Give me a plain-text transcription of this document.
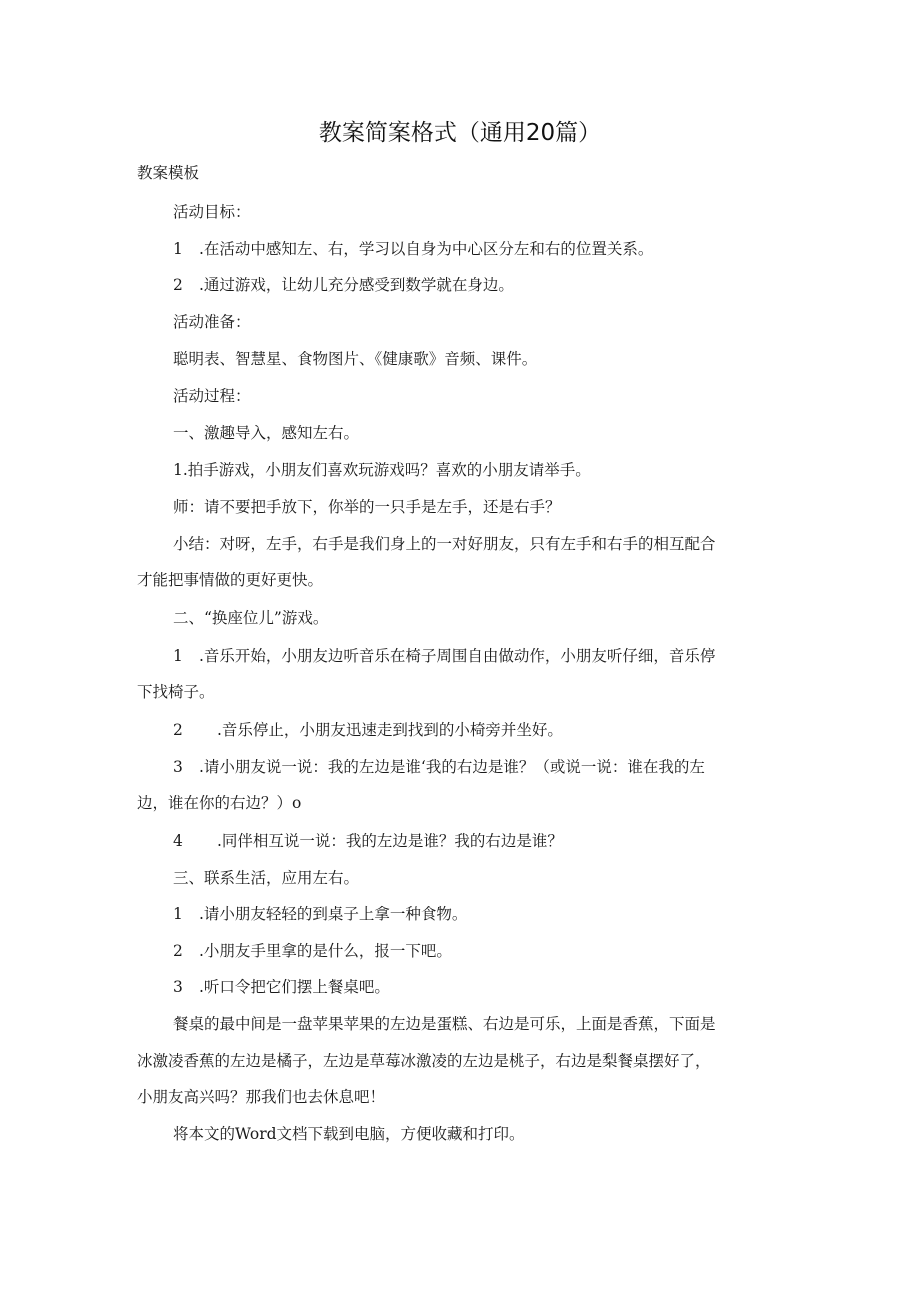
教案简案格式（通用20篇）
教案模板
活动目标：
1 .在活动中感知左、右，学习以自身为中心区分左和右的位置关系。
2 .通过游戏，让幼儿充分感受到数学就在身边。
活动准备：
聪明表、智慧星、食物图片、《健康歌》音频、课件。
活动过程：
一、激趣导入，感知左右。
1.拍手游戏，小朋友们喜欢玩游戏吗？喜欢的小朋友请举手。
师：请不要把手放下，你举的一只手是左手，还是右手？
小结：对呀，左手，右手是我们身上的一对好朋友，只有左手和右手的相互配合
才能把事情做的更好更快。
二、“换座位儿”游戏。
1 .音乐开始，小朋友边听音乐在椅子周围自由做动作，小朋友听仔细，音乐停
下找椅子。
2 .音乐停止，小朋友迅速走到找到的小椅旁并坐好。
3 .请小朋友说一说：我的左边是谁‘我的右边是谁？（或说一说：谁在我的左
边，谁在你的右边？）o
4 .同伴相互说一说：我的左边是谁？我的右边是谁？
三、联系生活，应用左右。
1 .请小朋友轻轻的到桌子上拿一种食物。
2 .小朋友手里拿的是什么，报一下吧。
3 .听口令把它们摆上餐桌吧。
餐桌的最中间是一盘苹果苹果的左边是蛋糕、右边是可乐，上面是香蕉，下面是
冰激凌香蕉的左边是橘子，左边是草莓冰激凌的左边是桃子，右边是梨餐桌摆好了，
小朋友高兴吗？那我们也去休息吧！
将本文的Word文档下载到电脑，方便收藏和打印。
